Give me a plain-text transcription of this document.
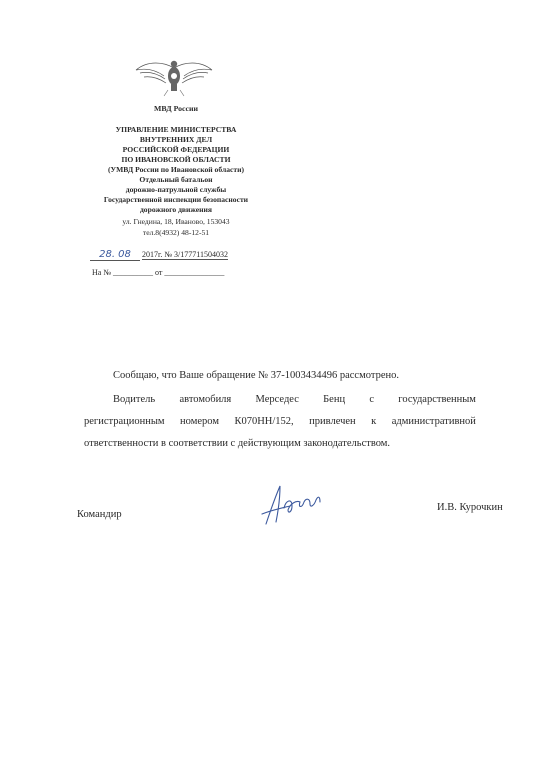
МВД России
УПРАВЛЕНИЕ МИНИСТЕРСТВА
ВНУТРЕННИХ ДЕЛ
РОССИЙСКОЙ ФЕДЕРАЦИИ
ПО ИВАНОВСКОЙ ОБЛАСТИ
(УМВД России по Ивановской области)
Отдельный батальон
дорожно-патрульной службы
Государственной инспекции безопасности
дорожного движения
ул. Гнедина, 18, Иваново, 153043
тел.8(4932) 48-12-51
28. 08 2017г. № 3/177711504032
На № __________ от _______________
Сообщаю, что Ваше обращение № 37-1003434496 рассмотрено.
Водитель автомобиля Мерседес Бенц с государственным
регистрационным номером К070НН/152, привлечен к административной
ответственности в соответствии с действующим законодательством.
Командир
И.В. Курочкин
